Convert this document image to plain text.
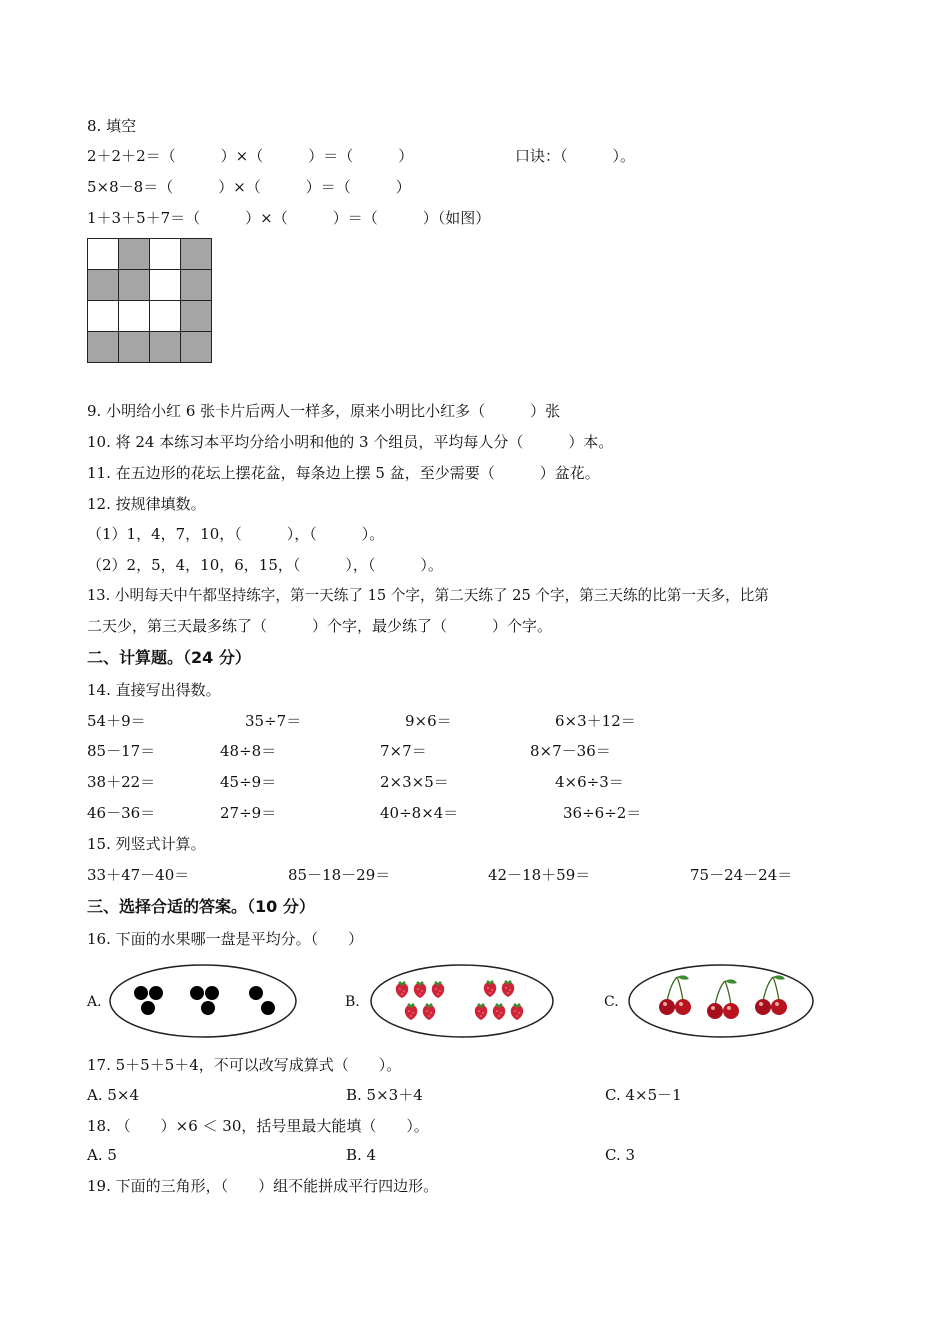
8. 填空
2＋2＋2＝（　　　）×（　　　）＝（　　　）	口诀：（　　　）。
5×8－8＝（　　　）×（　　　）＝（　　　）
1＋3＋5＋7＝（　　　）×（　　　）＝（　　　）（如图）
9. 小明给小红 6 张卡片后两人一样多，原来小明比小红多（　　　）张
10. 将 24 本练习本平均分给小明和他的 3 个组员，平均每人分（　　　）本。
11. 在五边形的花坛上摆花盆，每条边上摆 5 盆，至少需要（　　　）盆花。
12. 按规律填数。
（1）1，4，7，10，（　　　），（　　　）。
（2）2，5，4，10，6，15，（　　　），（　　　）。
13. 小明每天中午都坚持练字，第一天练了 15 个字，第二天练了 25 个字，第三天练的比第一天多，比第
二天少，第三天最多练了（　　　）个字，最少练了（　　　）个字。
二、计算题。（24 分）
14. 直接写出得数。
54＋9＝	35÷7＝	9×6＝	6×3＋12＝
85－17＝	48÷8＝	7×7＝	8×7－36＝
38＋22＝	45÷9＝	2×3×5＝	4×6÷3＝
46－36＝	27÷9＝	40÷8×4＝	36÷6÷2＝
15. 列竖式计算。
33＋47－40＝	85－18－29＝	42－18＋59＝	75－24－24＝
三、选择合适的答案。（10 分）
16. 下面的水果哪一盘是平均分。（　　）
A.	B.	C.
17. 5＋5＋5＋4，不可以改写成算式（　　）。
A. 5×4	B. 5×3＋4	C. 4×5－1
18. （　　）×6 ＜ 30，括号里最大能填（　　）。
A. 5	B. 4	C. 3
19. 下面的三角形，（　　）组不能拼成平行四边形。
